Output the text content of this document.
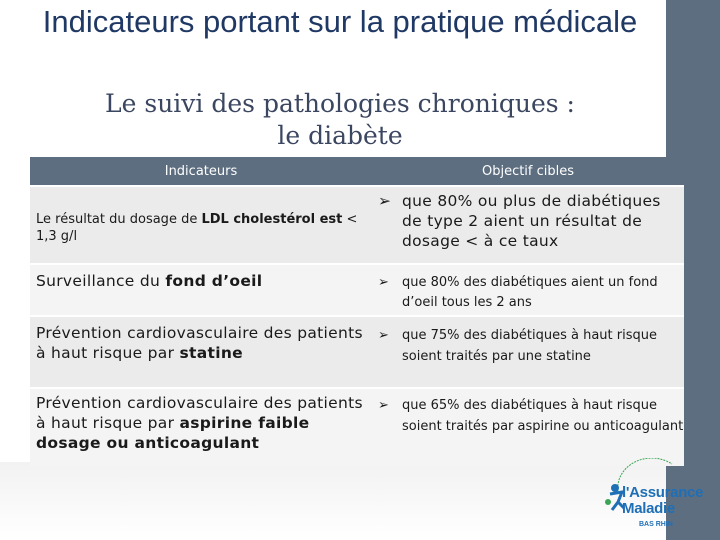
Indicateurs portant sur la pratique médicale
Le suivi des pathologies chroniques :
le diabète
Indicateurs	Objectif cibles

Le résultat du dosage de LDL cholestérol est < 1,3 g/l	➢ que 80% ou plus de diabétiques de type 2 aient un résultat de dosage < à ce taux

Surveillance du fond d’oeil	➢ que 80% des diabétiques aient un fond d’oeil tous les 2 ans

Prévention cardiovasculaire des patients à haut risque par statine	➢ que 75% des diabétiques à haut risque soient traités par une statine

Prévention cardiovasculaire des patients à haut risque par aspirine faible dosage ou anticoagulant	➢ que 65% des diabétiques à haut risque soient traités par aspirine ou anticoagulant
l'Assurance
Maladie
BAS RHIN
